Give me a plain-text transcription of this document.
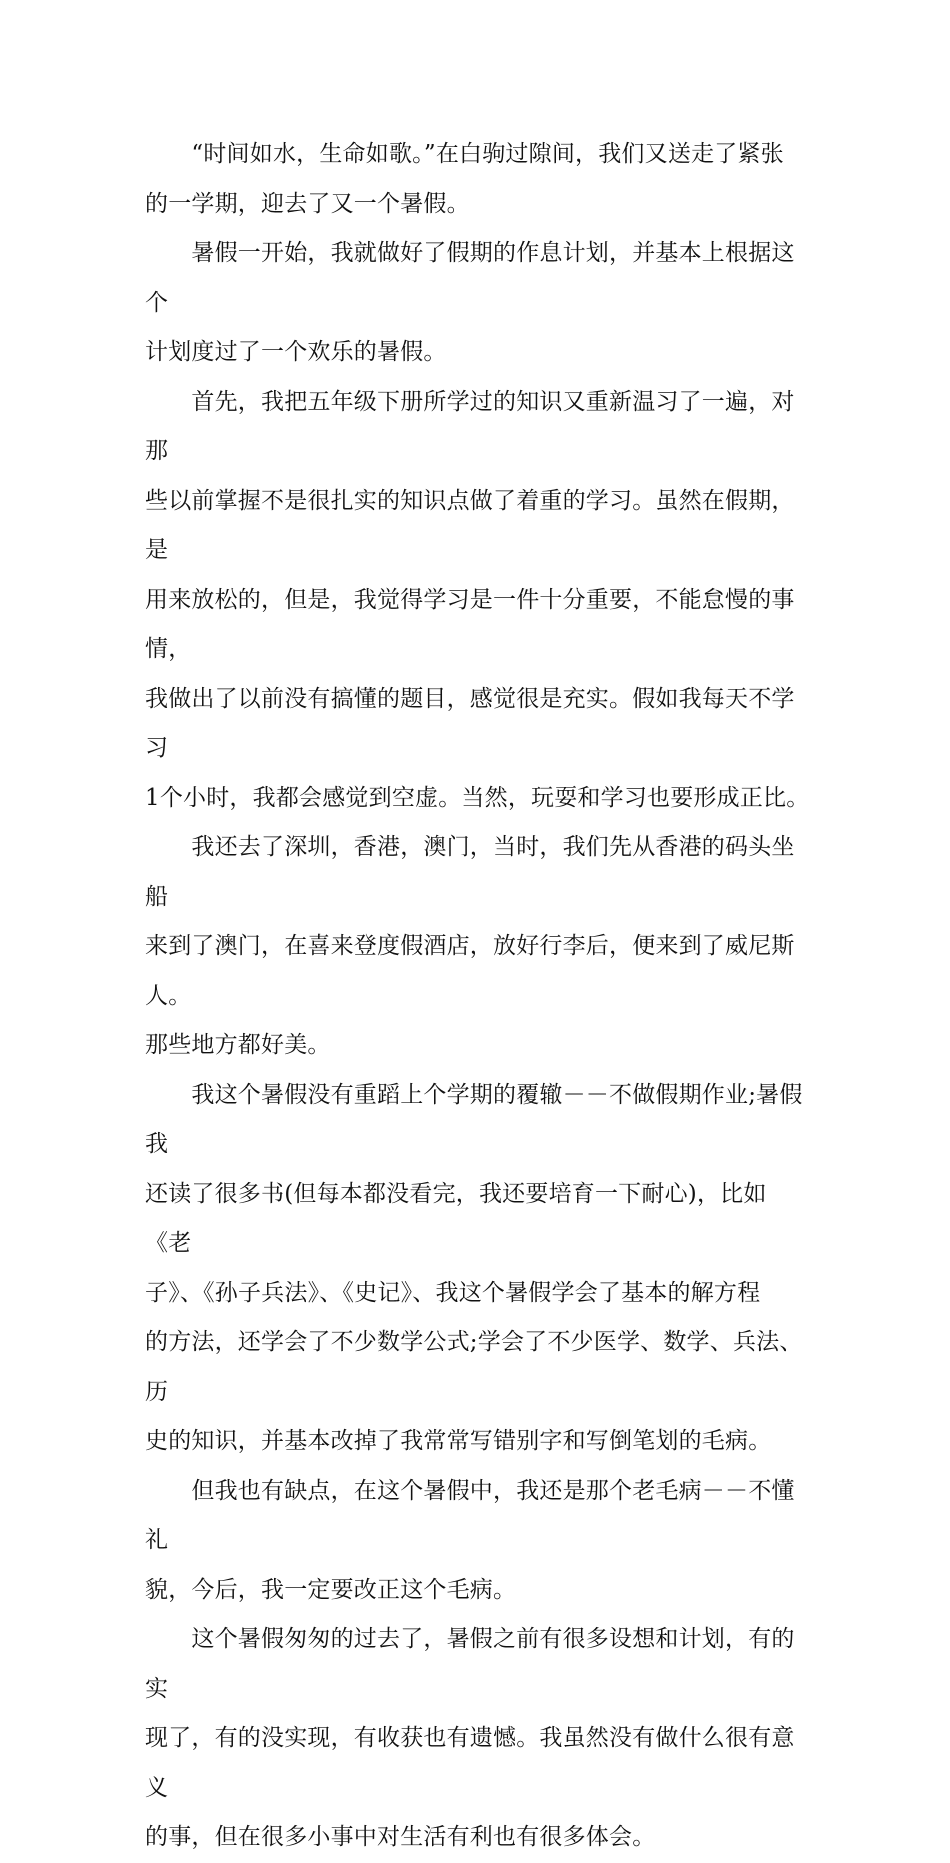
　　“时间如水，生命如歌。”在白驹过隙间，我们又送走了紧张
的一学期，迎去了又一个暑假。

　　暑假一开始，我就做好了假期的作息计划，并基本上根据这个
计划度过了一个欢乐的暑假。

　　首先，我把五年级下册所学过的知识又重新温习了一遍，对那
些以前掌握不是很扎实的知识点做了着重的学习。虽然在假期，是
用来放松的，但是，我觉得学习是一件十分重要，不能怠慢的事情，
我做出了以前没有搞懂的题目，感觉很是充实。假如我每天不学习
1个小时，我都会感觉到空虚。当然，玩耍和学习也要形成正比。

　　我还去了深圳，香港，澳门，当时，我们先从香港的码头坐船
来到了澳门，在喜来登度假酒店，放好行李后，便来到了威尼斯人。
那些地方都好美。

　　我这个暑假没有重蹈上个学期的覆辙－－不做假期作业;暑假我
还读了很多书(但每本都没看完，我还要培育一下耐心)，比如《老
子》、《孙子兵法》、《史记》、我这个暑假学会了基本的解方程
的方法，还学会了不少数学公式;学会了不少医学、数学、兵法、历
史的知识，并基本改掉了我常常写错别字和写倒笔划的毛病。

　　但我也有缺点，在这个暑假中，我还是那个老毛病－－不懂礼
貌，今后，我一定要改正这个毛病。

　　这个暑假匆匆的过去了，暑假之前有很多设想和计划，有的实
现了，有的没实现，有收获也有遗憾。我虽然没有做什么很有意义
的事，但在很多小事中对生活有利也有很多体会。
